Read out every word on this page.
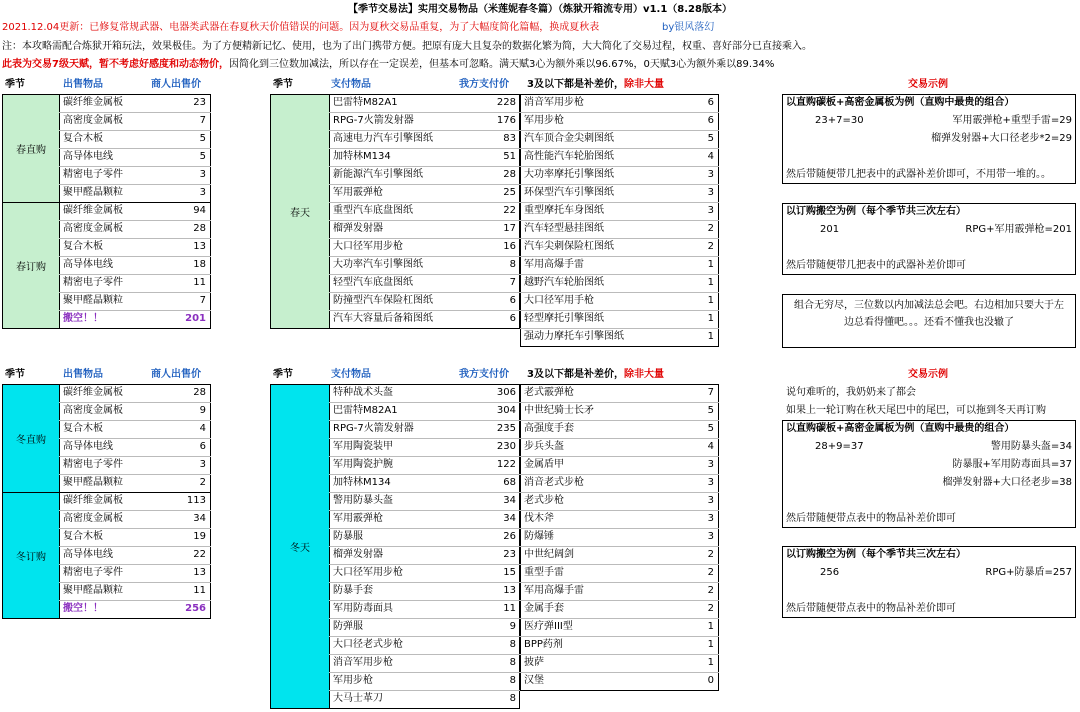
【季节交易法】实用交易物品（米莲妮春冬篇）（炼狱开箱流专用）v1.1（8.28版本）
2021.12.04更新：已修复常规武器、电器类武器在春夏秋天价值错误的问题。因为夏秋交易品重复，为了大幅度简化篇幅，换成夏秋表	by银风落幻
注：本攻略需配合炼狱开箱玩法，效果极佳。为了方便精新记忆、使用，也为了出门携带方便。把原有庞大且复杂的数据化繁为简，大大简化了交易过程，权重、喜好部分已直接乘入。
此表为交易7级天赋，暂不考虑好感度和动态物价，因简化到三位数加减法，所以存在一定误差，但基本可忽略。满天赋3心为额外乘以96.67%，0天赋3心为额外乘以89.34%
季节	出售物品	商人出售价	季节	支付物品	我方支付价	3及以下都是补差价，除非大量	交易示例
春直购
碳纤维金属板	23
高密度金属板	7
复合木板	5
高导体电线	5
精密电子零件	3
聚甲醛晶颗粒	3
春订购
碳纤维金属板	94
高密度金属板	28
复合木板	13
高导体电线	18
精密电子零件	11
聚甲醛晶颗粒	7
搬空！！	201
春天
巴雷特M82A1	228
RPG-7火箭发射器	176
高速电力汽车引擎图纸	83
加特林M134	51
新能源汽车引擎图纸	28
军用霰弹枪	25
重型汽车底盘图纸	22
榴弹发射器	17
大口径军用步枪	16
大功率汽车引擎图纸	8
轻型汽车底盘图纸	7
防撞型汽车保险杠图纸	6
汽车大容量后备箱图纸	6
消音军用步枪	6
军用步枪	6
汽车顶合金尖刺图纸	5
高性能汽车轮胎图纸	4
大功率摩托引擎图纸	3
环保型汽车引擎图纸	3
重型摩托车身图纸	3
汽车轻型悬挂图纸	2
汽车尖刺保险杠图纸	2
军用高爆手雷	1
越野汽车轮胎图纸	1
大口径军用手枪	1
轻型摩托引擎图纸	1
强动力摩托车引擎图纸	1
季节	出售物品	商人出售价	季节	支付物品	我方支付价	3及以下都是补差价，除非大量	交易示例
冬直购
碳纤维金属板	28
高密度金属板	9
复合木板	4
高导体电线	6
精密电子零件	3
聚甲醛晶颗粒	2
冬订购
碳纤维金属板	113
高密度金属板	34
复合木板	19
高导体电线	22
精密电子零件	13
聚甲醛晶颗粒	11
搬空！！	256
冬天
特种战术头盔	306
巴雷特M82A1	304
RPG-7火箭发射器	235
军用陶瓷装甲	230
军用陶瓷护腕	122
加特林M134	68
警用防暴头盔	34
军用霰弹枪	34
防暴服	26
榴弹发射器	23
大口径军用步枪	15
防暴手套	13
军用防毒面具	11
防弹服	9
大口径老式步枪	8
消音军用步枪	8
军用步枪	8
大马士革刀	8
老式霰弹枪	7
中世纪骑士长矛	5
高强度手套	5
步兵头盔	4
金属盾甲	3
消音老式步枪	3
老式步枪	3
伐木斧	3
防爆锤	3
中世纪阔剑	2
重型手雷	2
军用高爆手雷	2
金属手套	2
医疗弹III型	1
BPP药剂	1
披萨	1
汉堡	0
以直购碳板+高密金属板为例（直购中最贵的组合）
23+7=30	军用霰弹枪+重型手雷=29
榴弹发射器+大口径老步*2=29
然后带随便带几把表中的武器补差价即可，不用带一堆的。。
以订购搬空为例（每个季节共三次左右）
201	RPG+军用霰弹枪=201
然后带随便带几把表中的武器补差价即可
组合无穷尽，三位数以内加减法总会吧。右边相加只要大于左边总看得懂吧。。。还看不懂我也没辙了
说句难听的，我奶奶来了都会
如果上一轮订购在秋天尾巴中的尾巴，可以拖到冬天再订购
以直购碳板+高密金属板为例（直购中最贵的组合）
28+9=37	警用防暴头盔=34
防暴服+军用防毒面具=37
榴弹发射器+大口径老步=38
然后带随便带点表中的物品补差价即可
以订购搬空为例（每个季节共三次左右）
256	RPG+防暴盾=257
然后带随便带点表中的物品补差价即可
